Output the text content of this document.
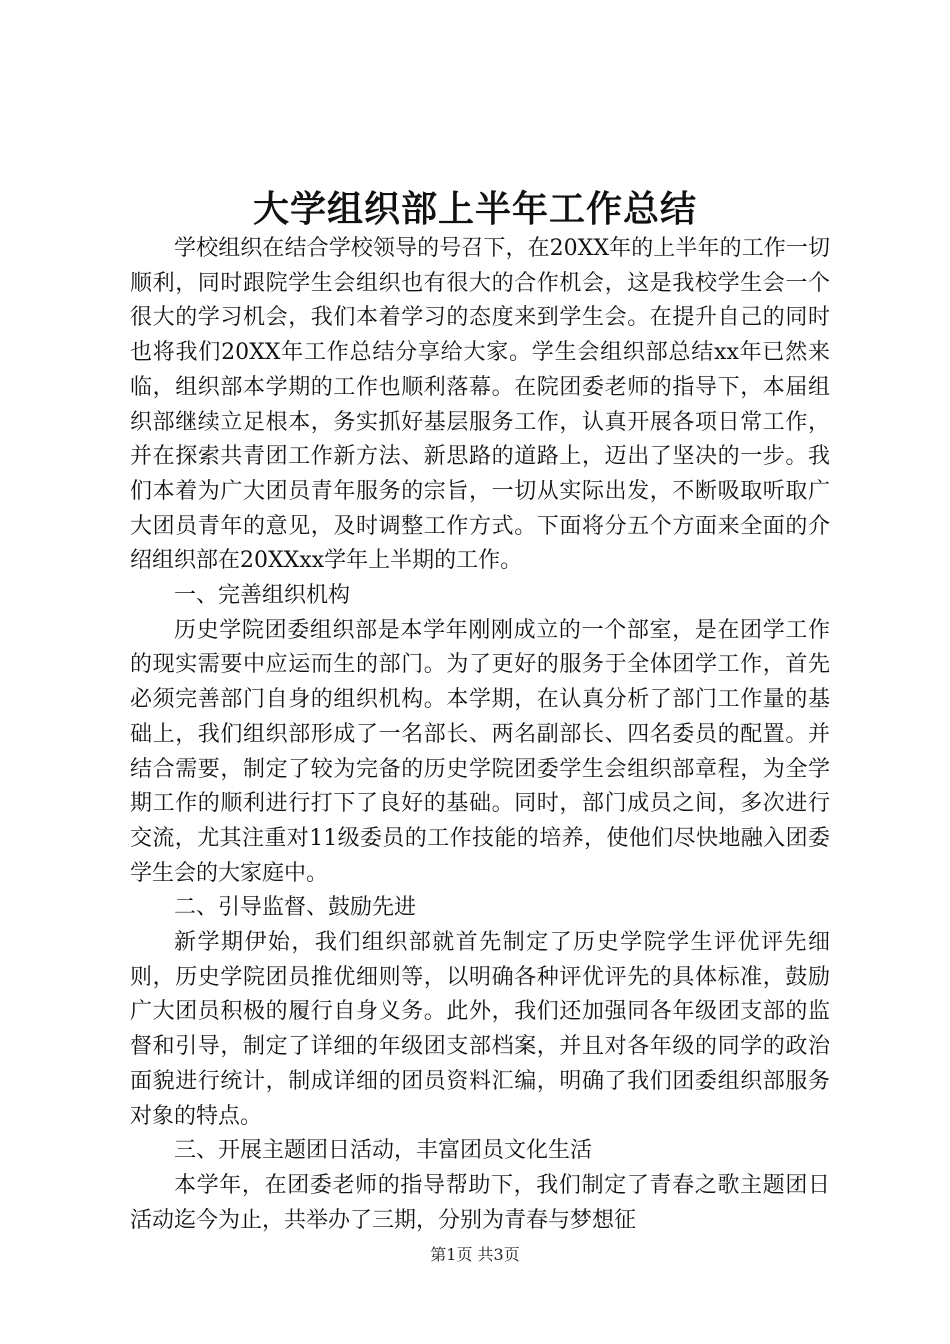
大学组织部上半年工作总结

学校组织在结合学校领导的号召下，在20XX年的上半年的工作一切顺利，同时跟院学生会组织也有很大的合作机会，这是我校学生会一个很大的学习机会，我们本着学习的态度来到学生会。在提升自己的同时也将我们20XX年工作总结分享给大家。学生会组织部总结xx年已然来临，组织部本学期的工作也顺利落幕。在院团委老师的指导下，本届组织部继续立足根本，务实抓好基层服务工作，认真开展各项日常工作，并在探索共青团工作新方法、新思路的道路上，迈出了坚决的一步。我们本着为广大团员青年服务的宗旨，一切从实际出发，不断吸取听取广大团员青年的意见，及时调整工作方式。下面将分五个方面来全面的介绍组织部在20XXxx学年上半期的工作。

一、完善组织机构

历史学院团委组织部是本学年刚刚成立的一个部室，是在团学工作的现实需要中应运而生的部门。为了更好的服务于全体团学工作，首先必须完善部门自身的组织机构。本学期，在认真分析了部门工作量的基础上，我们组织部形成了一名部长、两名副部长、四名委员的配置。并结合需要，制定了较为完备的历史学院团委学生会组织部章程，为全学期工作的顺利进行打下了良好的基础。同时，部门成员之间，多次进行交流，尤其注重对11级委员的工作技能的培养，使他们尽快地融入团委学生会的大家庭中。

二、引导监督、鼓励先进

新学期伊始，我们组织部就首先制定了历史学院学生评优评先细则，历史学院团员推优细则等，以明确各种评优评先的具体标准，鼓励广大团员积极的履行自身义务。此外，我们还加强同各年级团支部的监督和引导，制定了详细的年级团支部档案，并且对各年级的同学的政治面貌进行统计，制成详细的团员资料汇编，明确了我们团委组织部服务对象的特点。

三、开展主题团日活动，丰富团员文化生活

本学年，在团委老师的指导帮助下，我们制定了青春之歌主题团日活动迄今为止，共举办了三期，分别为青春与梦想征

第1页 共3页
